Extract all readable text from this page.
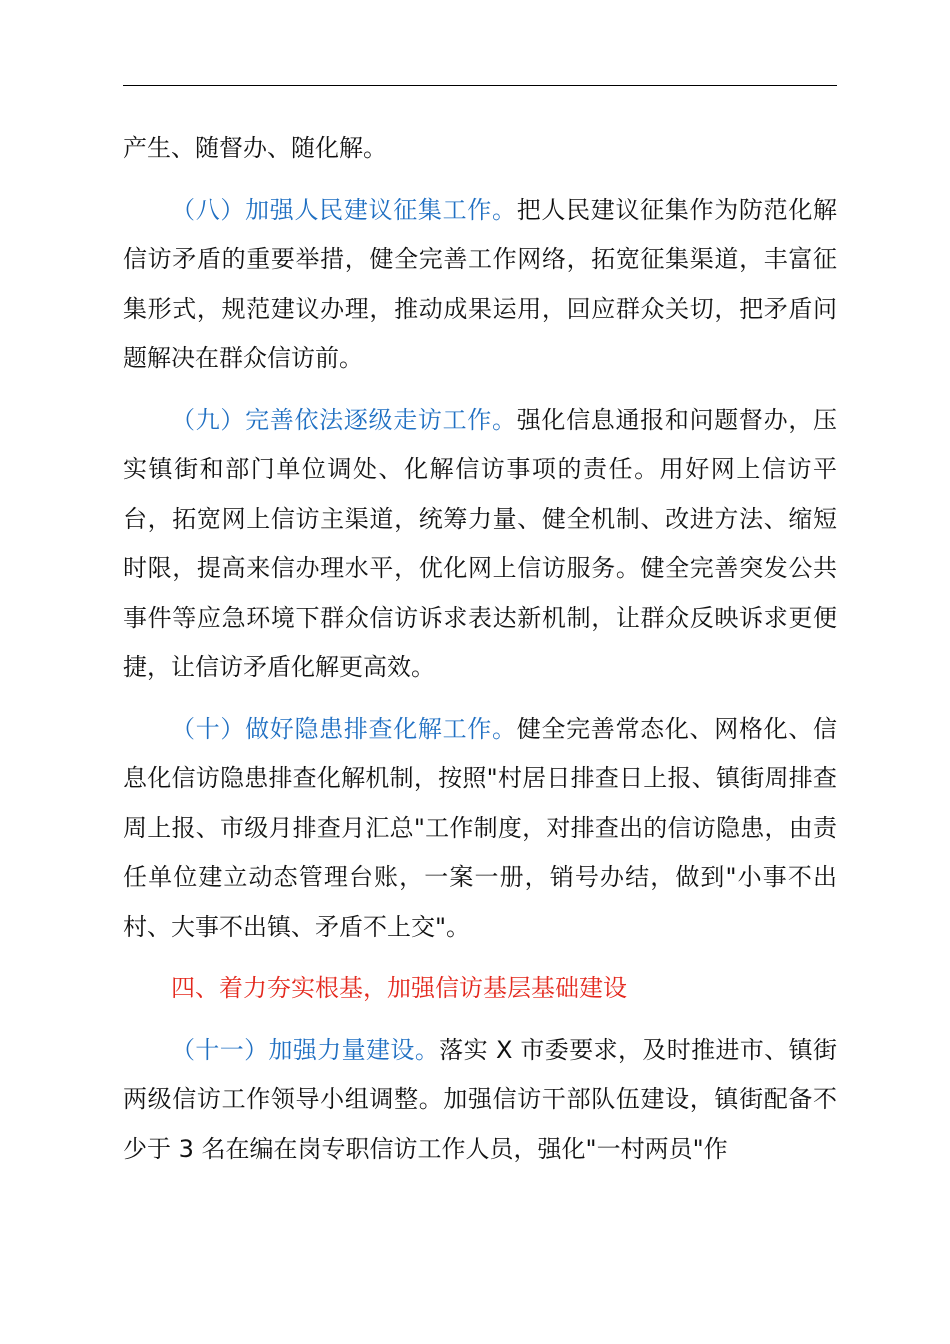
产生、随督办、随化解。

（八）加强人民建议征集工作。把人民建议征集作为防范化解信访矛盾的重要举措，健全完善工作网络，拓宽征集渠道，丰富征集形式，规范建议办理，推动成果运用，回应群众关切，把矛盾问题解决在群众信访前。

（九）完善依法逐级走访工作。强化信息通报和问题督办，压实镇街和部门单位调处、化解信访事项的责任。用好网上信访平台，拓宽网上信访主渠道，统筹力量、健全机制、改进方法、缩短时限，提高来信办理水平，优化网上信访服务。健全完善突发公共事件等应急环境下群众信访诉求表达新机制，让群众反映诉求更便捷，让信访矛盾化解更高效。

（十）做好隐患排查化解工作。健全完善常态化、网格化、信息化信访隐患排查化解机制，按照"村居日排查日上报、镇街周排查周上报、市级月排查月汇总"工作制度，对排查出的信访隐患，由责任单位建立动态管理台账，一案一册，销号办结，做到"小事不出村、大事不出镇、矛盾不上交"。

四、着力夯实根基，加强信访基层基础建设

（十一）加强力量建设。落实 X 市委要求，及时推进市、镇街两级信访工作领导小组调整。加强信访干部队伍建设，镇街配备不少于 3 名在编在岗专职信访工作人员，强化"一村两员"作
